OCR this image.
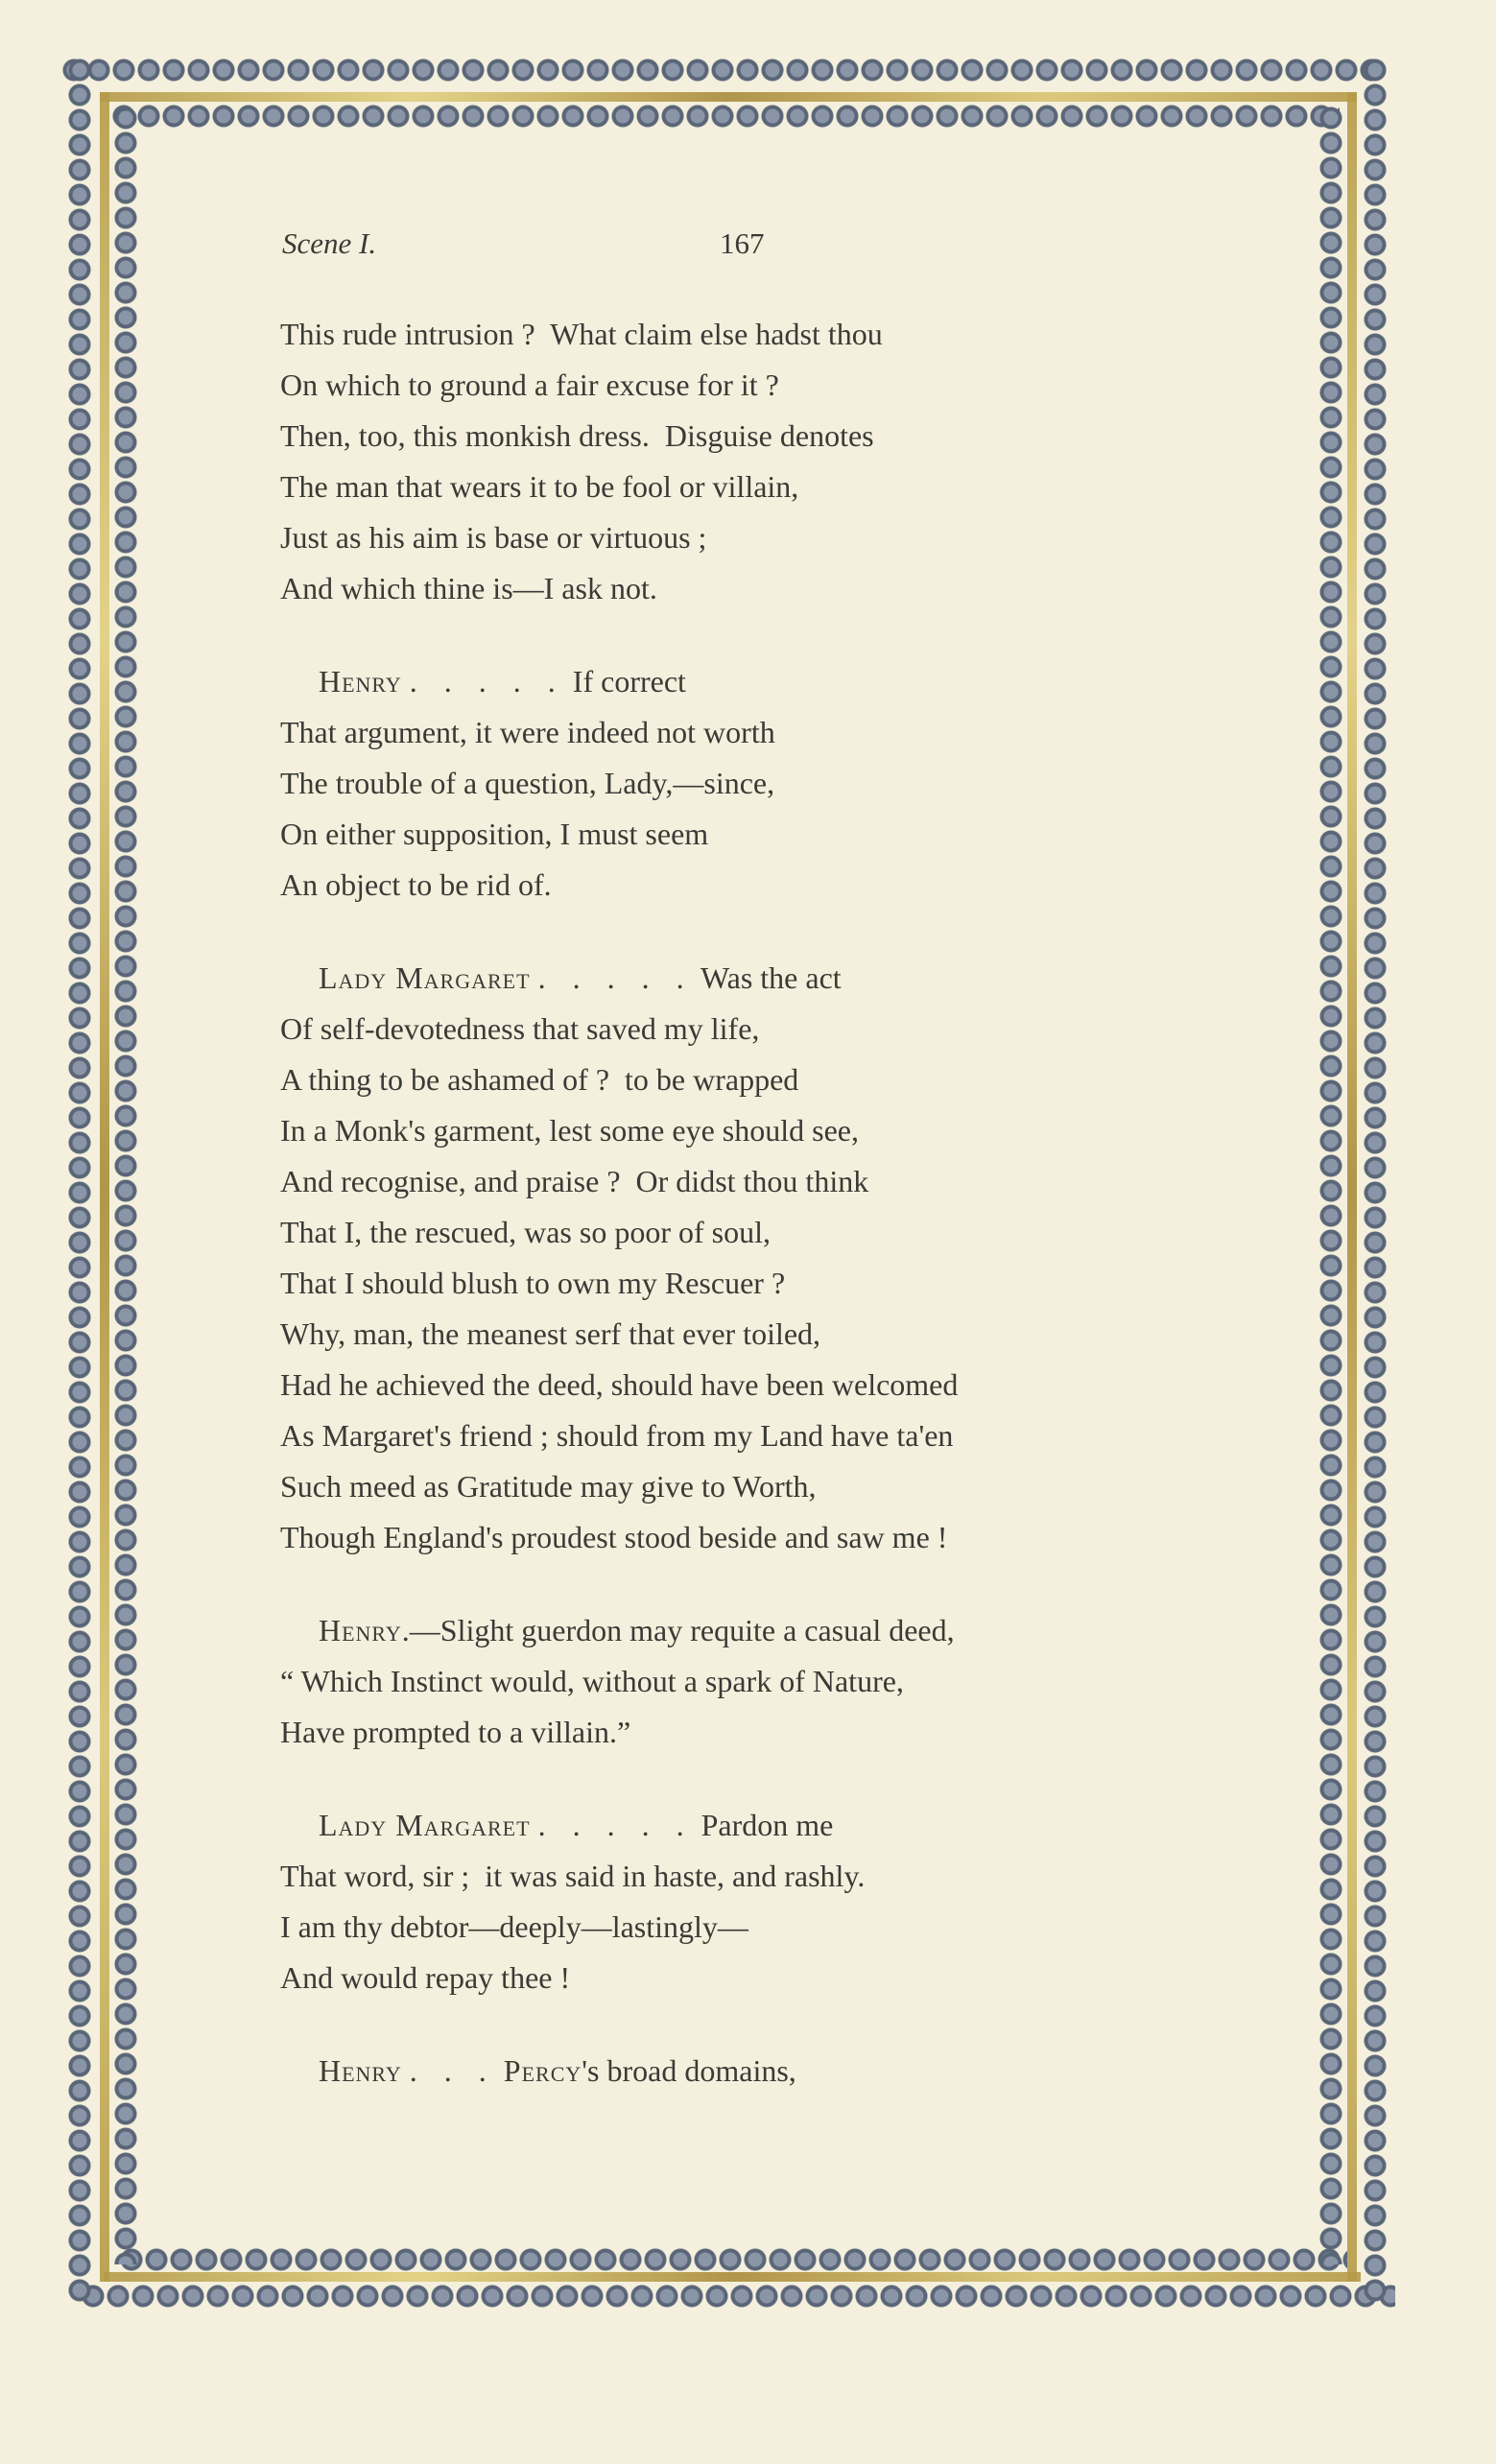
Scene I.	167
This rude intrusion ?  What claim else hadst thou
On which to ground a fair excuse for it ?
Then, too, this monkish dress.  Disguise denotes
The man that wears it to be fool or villain,
Just as his aim is base or virtuous ;
And which thine is—I ask not.
Henry . . . . . If correct
That argument, it were indeed not worth
The trouble of a question, Lady,—since,
On either supposition, I must seem
An object to be rid of.
Lady Margaret . . . . . Was the act
Of self-devotedness that saved my life,
A thing to be ashamed of ?  to be wrapped
In a Monk's garment, lest some eye should see,
And recognise, and praise ?  Or didst thou think
That I, the rescued, was so poor of soul,
That I should blush to own my Rescuer ?
Why, man, the meanest serf that ever toiled,
Had he achieved the deed, should have been welcomed
As Margaret's friend ; should from my Land have ta'en
Such meed as Gratitude may give to Worth,
Though England's proudest stood beside and saw me !
Henry.—Slight guerdon may requite a casual deed,
“ Which Instinct would, without a spark of Nature,
Have prompted to a villain.”
Lady Margaret . . . . . Pardon me
That word, sir ;  it was said in haste, and rashly.
I am thy debtor—deeply—lastingly—
And would repay thee !
Henry . . . Percy's broad domains,
